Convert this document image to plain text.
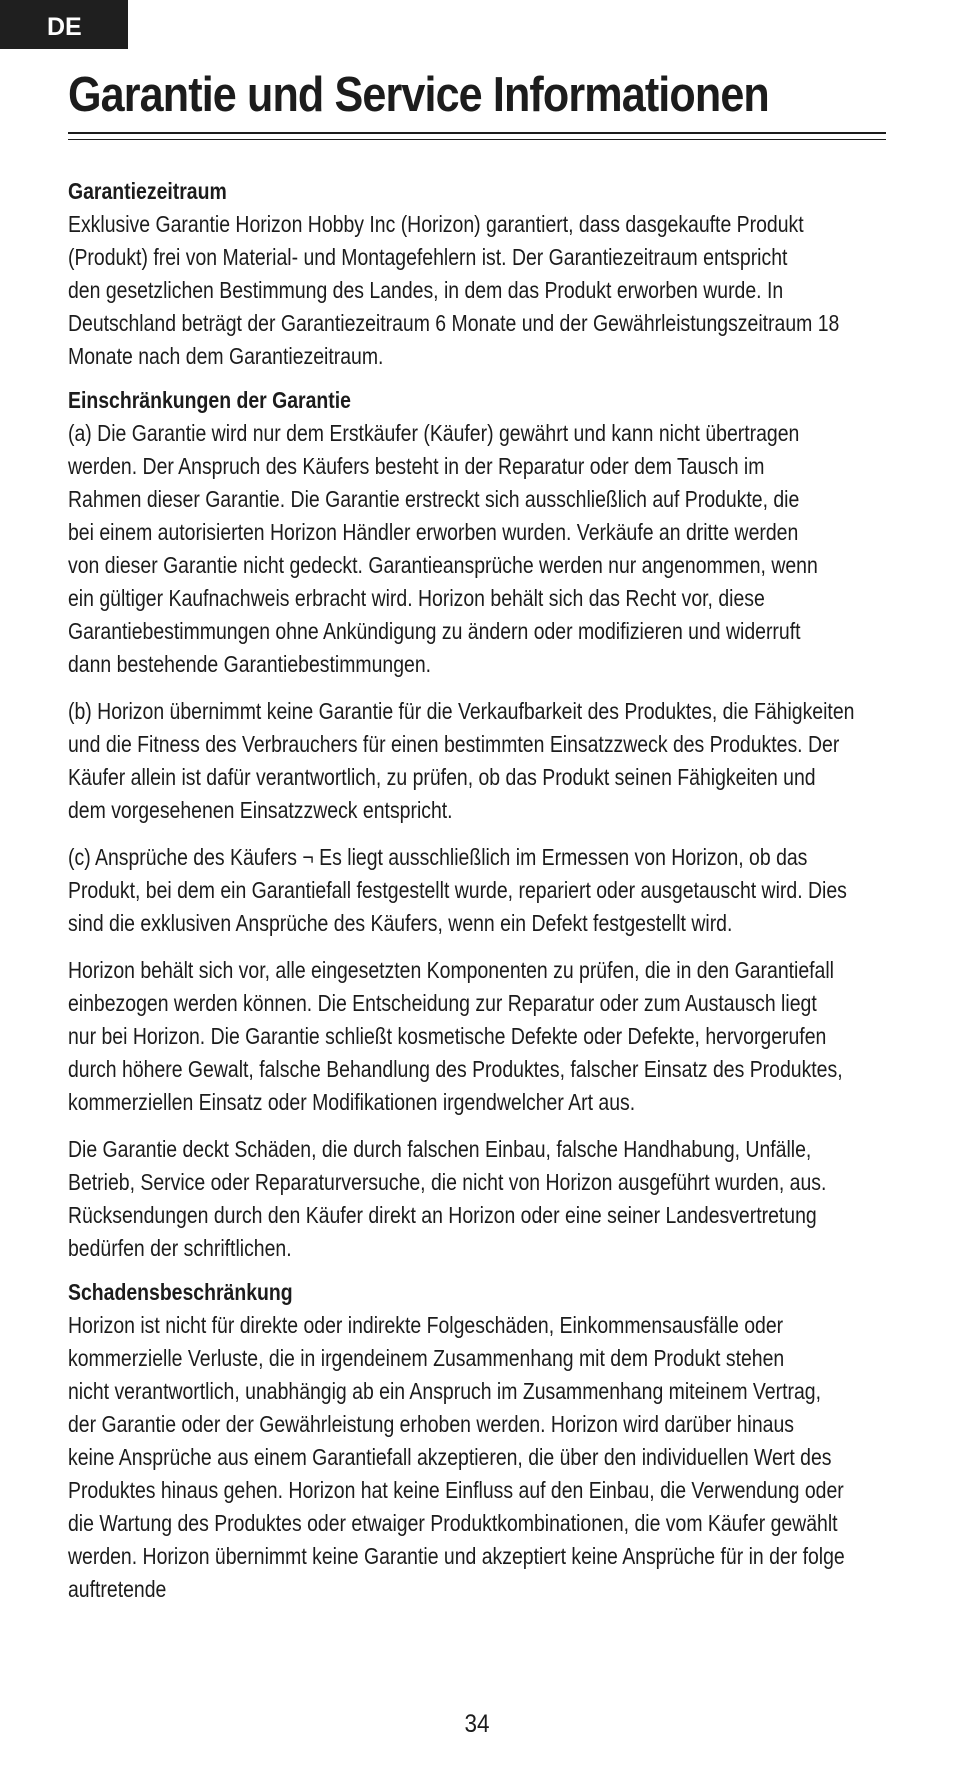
DE
Garantie und Service Informationen
Garantiezeitraum

Exklusive Garantie Horizon Hobby Inc (Horizon) garantiert, dass dasgekaufte Produkt
(Produkt) frei von Material- und Montagefehlern ist. Der Garantiezeitraum entspricht
den gesetzlichen Bestimmung des Landes, in dem das Produkt erworben wurde. In
Deutschland beträgt der Garantiezeitraum 6 Monate und der Gewährleistungszeitraum 18
Monate nach dem Garantiezeitraum.

Einschränkungen der Garantie

(a) Die Garantie wird nur dem Erstkäufer (Käufer) gewährt und kann nicht übertragen
werden. Der Anspruch des Käufers besteht in der Reparatur oder dem Tausch im
Rahmen dieser Garantie. Die Garantie erstreckt sich ausschließlich auf Produkte, die
bei einem autorisierten Horizon Händler erworben wurden. Verkäufe an dritte werden
von dieser Garantie nicht gedeckt. Garantieansprüche werden nur angenommen, wenn
ein gültiger Kaufnachweis erbracht wird. Horizon behält sich das Recht vor, diese
Garantiebestimmungen ohne Ankündigung zu ändern oder modifizieren und widerruft
dann bestehende Garantiebestimmungen.

(b) Horizon übernimmt keine Garantie für die Verkaufbarkeit des Produktes, die Fähigkeiten
und die Fitness des Verbrauchers für einen bestimmten Einsatzzweck des Produktes. Der
Käufer allein ist dafür verantwortlich, zu prüfen, ob das Produkt seinen Fähigkeiten und
dem vorgesehenen Einsatzzweck entspricht.

(c) Ansprüche des Käufers ¬ Es liegt ausschließlich im Ermessen von Horizon, ob das
Produkt, bei dem ein Garantiefall festgestellt wurde, repariert oder ausgetauscht wird. Dies
sind die exklusiven Ansprüche des Käufers, wenn ein Defekt festgestellt wird.

Horizon behält sich vor, alle eingesetzten Komponenten zu prüfen, die in den Garantiefall
einbezogen werden können. Die Entscheidung zur Reparatur oder zum Austausch liegt
nur bei Horizon. Die Garantie schließt kosmetische Defekte oder Defekte, hervorgerufen
durch höhere Gewalt, falsche Behandlung des Produktes, falscher Einsatz des Produktes,
kommerziellen Einsatz oder Modifikationen irgendwelcher Art aus.

Die Garantie deckt Schäden, die durch falschen Einbau, falsche Handhabung, Unfälle,
Betrieb, Service oder Reparaturversuche, die nicht von Horizon ausgeführt wurden, aus.
Rücksendungen durch den Käufer direkt an Horizon oder eine seiner Landesvertretung
bedürfen der schriftlichen.

Schadensbeschränkung

Horizon ist nicht für direkte oder indirekte Folgeschäden, Einkommensausfälle oder
kommerzielle Verluste, die in irgendeinem Zusammenhang mit dem Produkt stehen
nicht verantwortlich, unabhängig ab ein Anspruch im Zusammenhang miteinem Vertrag,
der Garantie oder der Gewährleistung erhoben werden. Horizon wird darüber hinaus
keine Ansprüche aus einem Garantiefall akzeptieren, die über den individuellen Wert des
Produktes hinaus gehen. Horizon hat keine Einfluss auf den Einbau, die Verwendung oder
die Wartung des Produktes oder etwaiger Produktkombinationen, die vom Käufer gewählt
werden. Horizon übernimmt keine Garantie und akzeptiert keine Ansprüche für in der folge
auftretende

34
